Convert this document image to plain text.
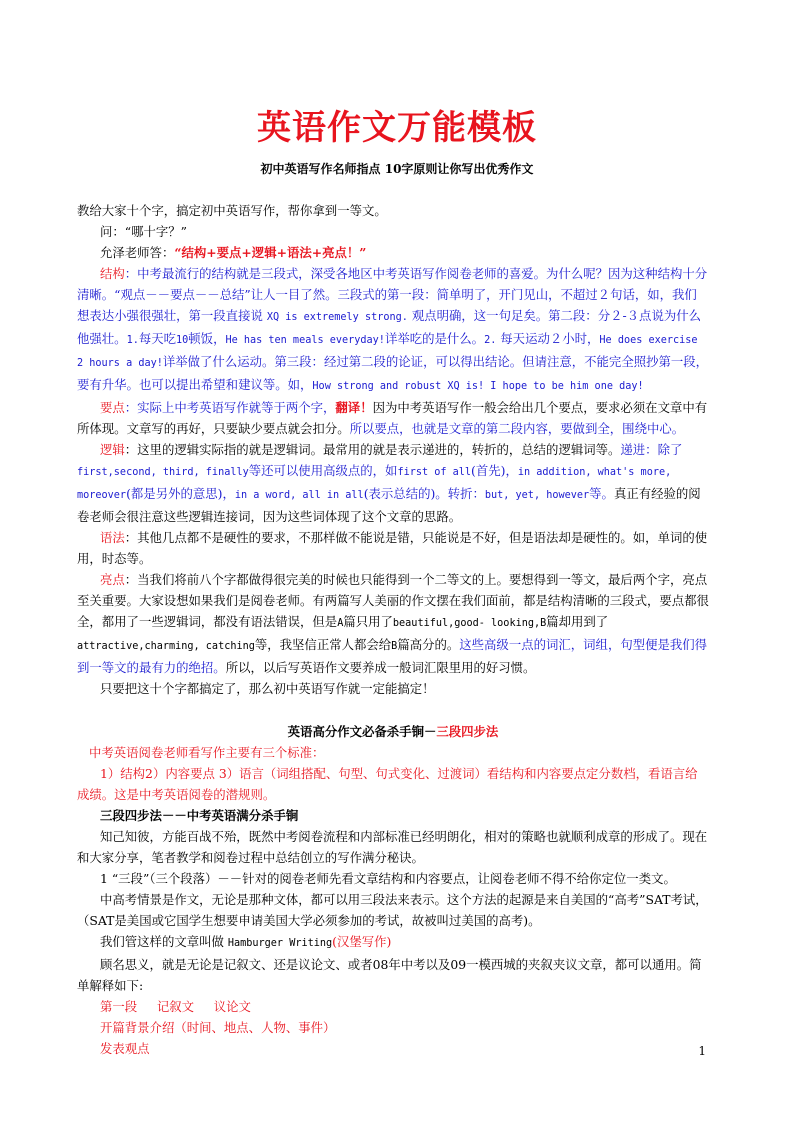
英语作文万能模板
初中英语写作名师指点 10字原则让你写出优秀作文

教给大家十个字，搞定初中英语写作，帮你拿到一等文。

问：“哪十字？”

允泽老师答：“结构+要点+逻辑+语法+亮点！”

结构：中考最流行的结构就是三段式，深受各地区中考英语写作阅卷老师的喜爱。为什么呢？因为这种结构十分清晰。“观点－－要点－－总结”让人一目了然。三段式的第一段：简单明了，开门见山，不超过２句话，如，我们想表达小强很强壮，第一段直接说 XQ is extremely strong. 观点明确，这一句足矣。第二段：分２-３点说为什么他强壮。1.每天吃10顿饭，He has ten meals everyday!详举吃的是什么。2. 每天运动２小时，He does exercise 2 hours a day!详举做了什么运动。第三段：经过第二段的论证，可以得出结论。但请注意，不能完全照抄第一段，要有升华。也可以提出希望和建议等。如，How strong and robust XQ is! I hope to be him one day!

要点：实际上中考英语写作就等于两个字，翻译！因为中考英语写作一般会给出几个要点，要求必须在文章中有所体现。文章写的再好，只要缺少要点就会扣分。所以要点，也就是文章的第二段内容，要做到全，围绕中心。

逻辑：这里的逻辑实际指的就是逻辑词。最常用的就是表示递进的，转折的，总结的逻辑词等。递进：除了first,second, third, finally等还可以使用高级点的，如first of all(首先)，in addition, what's more, moreover(都是另外的意思)，in a word, all in all(表示总结的)。转折：but, yet, however等。真正有经验的阅卷老师会很注意这些逻辑连接词，因为这些词体现了这个文章的思路。

语法：其他几点都不是硬性的要求，不那样做不能说是错，只能说是不好，但是语法却是硬性的。如，单词的使用，时态等。

亮点：当我们将前八个字都做得很完美的时候也只能得到一个二等文的上。要想得到一等文，最后两个字，亮点至关重要。大家设想如果我们是阅卷老师。有两篇写人美丽的作文摆在我们面前，都是结构清晰的三段式，要点都很全，都用了一些逻辑词，都没有语法错误，但是A篇只用了beautiful,good- looking,B篇却用到了attractive,charming, catching等，我坚信正常人都会给B篇高分的。这些高级一点的词汇，词组，句型便是我们得到一等文的最有力的绝招。所以，以后写英语作文要养成一般词汇限里用的好习惯。

只要把这十个字都搞定了，那么初中英语写作就一定能搞定！

英语高分作文必备杀手锏－三段四步法

中考英语阅卷老师看写作主要有三个标准：

1）结构2）内容要点 3）语言（词组搭配、句型、句式变化、过渡词）看结构和内容要点定分数档，看语言给成绩。这是中考英语阅卷的潜规则。

三段四步法－－中考英语满分杀手锏

知己知彼，方能百战不殆，既然中考阅卷流程和内部标准已经明朗化，相对的策略也就顺利成章的形成了。现在和大家分享，笔者教学和阅卷过程中总结创立的写作满分秘诀。

1 “三段”（三个段落）－－针对的阅卷老师先看文章结构和内容要点，让阅卷老师不得不给你定位一类文。

中高考情景是作文，无论是那种文体，都可以用三段法来表示。这个方法的起源是来自美国的“高考”SAT考试，（SAT是美国或它国学生想要申请美国大学必须参加的考试，故被叫过美国的高考)。

我们管这样的文章叫做 Hamburger Writing(汉堡写作)

顾名思义，就是无论是记叙文、还是议论文、或者08年中考以及09一模西城的夹叙夹议文章，都可以通用。简单解释如下:

第一段     记叙文     议论文

开篇背景介绍（时间、地点、人物、事件）

发表观点	1
